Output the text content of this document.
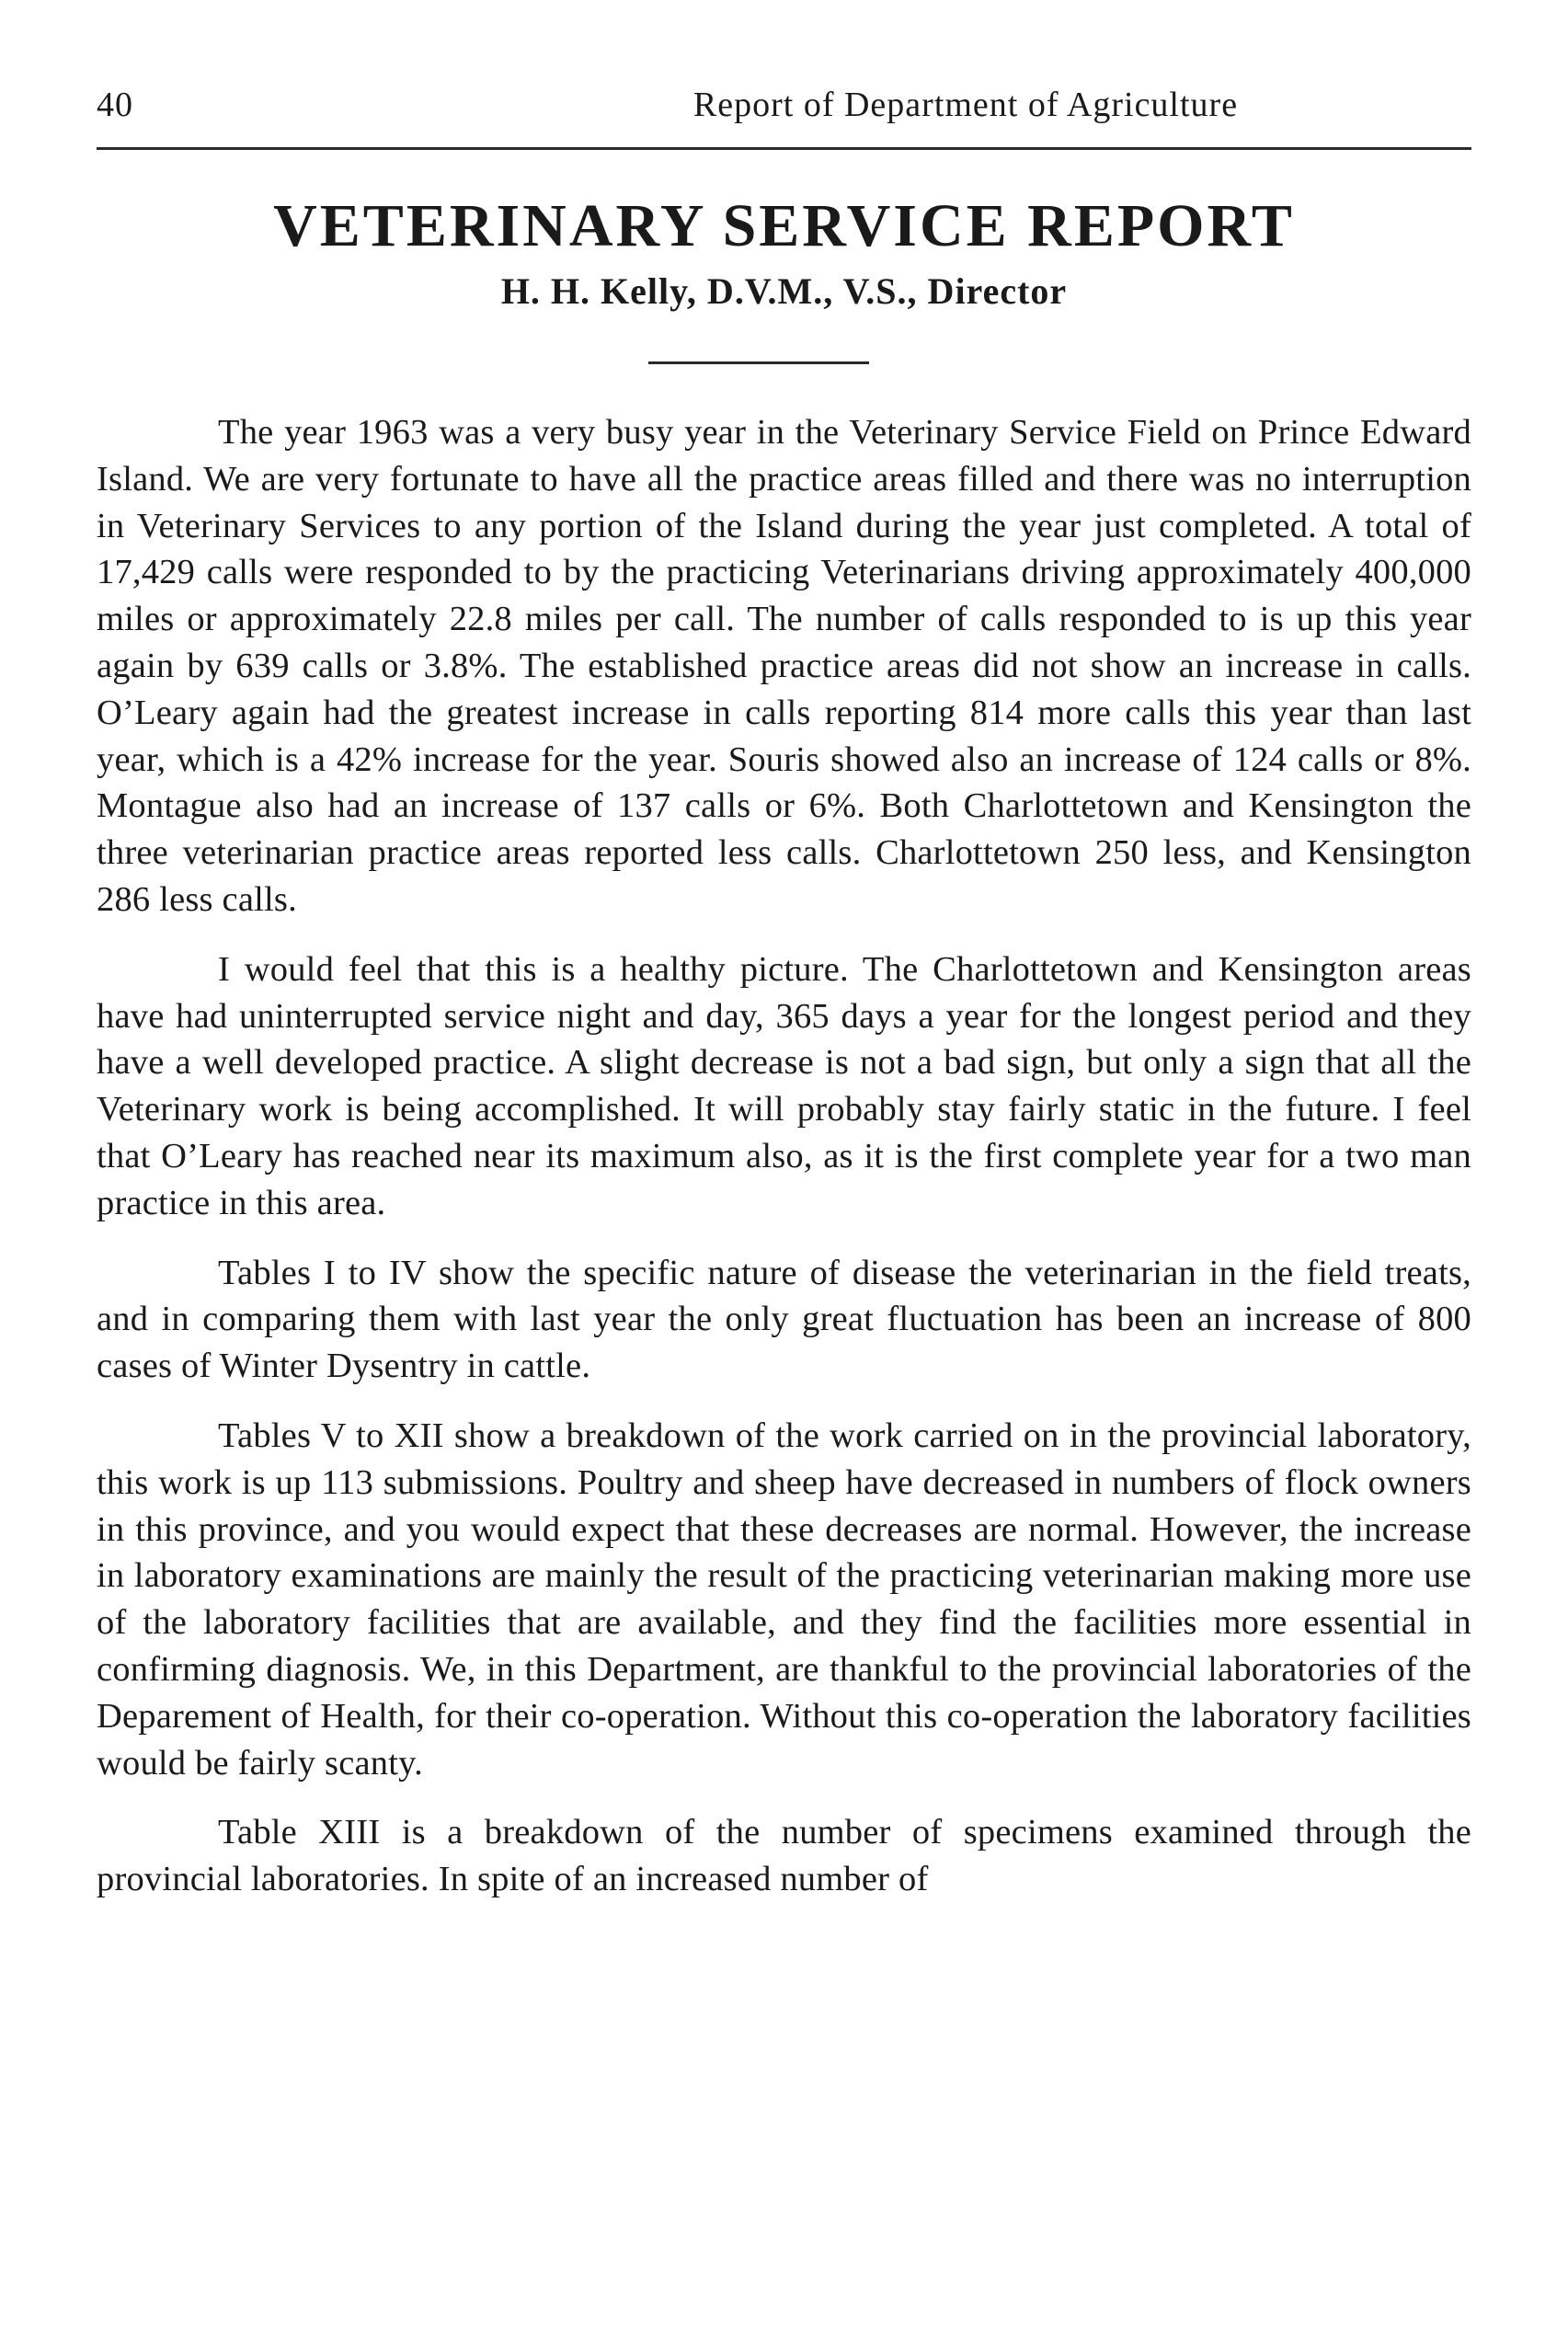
40	Report of Department of Agriculture
VETERINARY SERVICE REPORT
H. H. Kelly, D.V.M., V.S., Director

The year 1963 was a very busy year in the Veterinary Service Field on Prince Edward Island. We are very fortunate to have all the practice areas filled and there was no interruption in Veterinary Services to any portion of the Island during the year just completed. A total of 17,429 calls were responded to by the practicing Veterinarians driving approximately 400,000 miles or approximately 22.8 miles per call. The number of calls responded to is up this year again by 639 calls or 3.8%. The established practice areas did not show an increase in calls. O’Leary again had the greatest increase in calls reporting 814 more calls this year than last year, which is a 42% increase for the year. Souris showed also an increase of 124 calls or 8%. Montague also had an increase of 137 calls or 6%. Both Charlottetown and Kensington the three veterinarian practice areas reported less calls. Charlottetown 250 less, and Kensington 286 less calls.

I would feel that this is a healthy picture. The Charlottetown and Kensington areas have had uninterrupted service night and day, 365 days a year for the longest period and they have a well developed practice. A slight decrease is not a bad sign, but only a sign that all the Veterinary work is being accomplished. It will probably stay fairly static in the future. I feel that O’Leary has reached near its maximum also, as it is the first complete year for a two man practice in this area.

Tables I to IV show the specific nature of disease the veterinarian in the field treats, and in comparing them with last year the only great fluctuation has been an increase of 800 cases of Winter Dysentry in cattle.

Tables V to XII show a breakdown of the work carried on in the provincial laboratory, this work is up 113 submissions. Poultry and sheep have decreased in numbers of flock owners in this province, and you would expect that these decreases are normal. However, the increase in laboratory examinations are mainly the result of the practicing veterinarian making more use of the laboratory facilities that are available, and they find the facilities more essential in confirming diagnosis. We, in this Department, are thankful to the provincial laboratories of the Deparement of Health, for their co-operation. Without this co-operation the laboratory facilities would be fairly scanty.

Table XIII is a breakdown of the number of specimens examined through the provincial laboratories. In spite of an increased number of
